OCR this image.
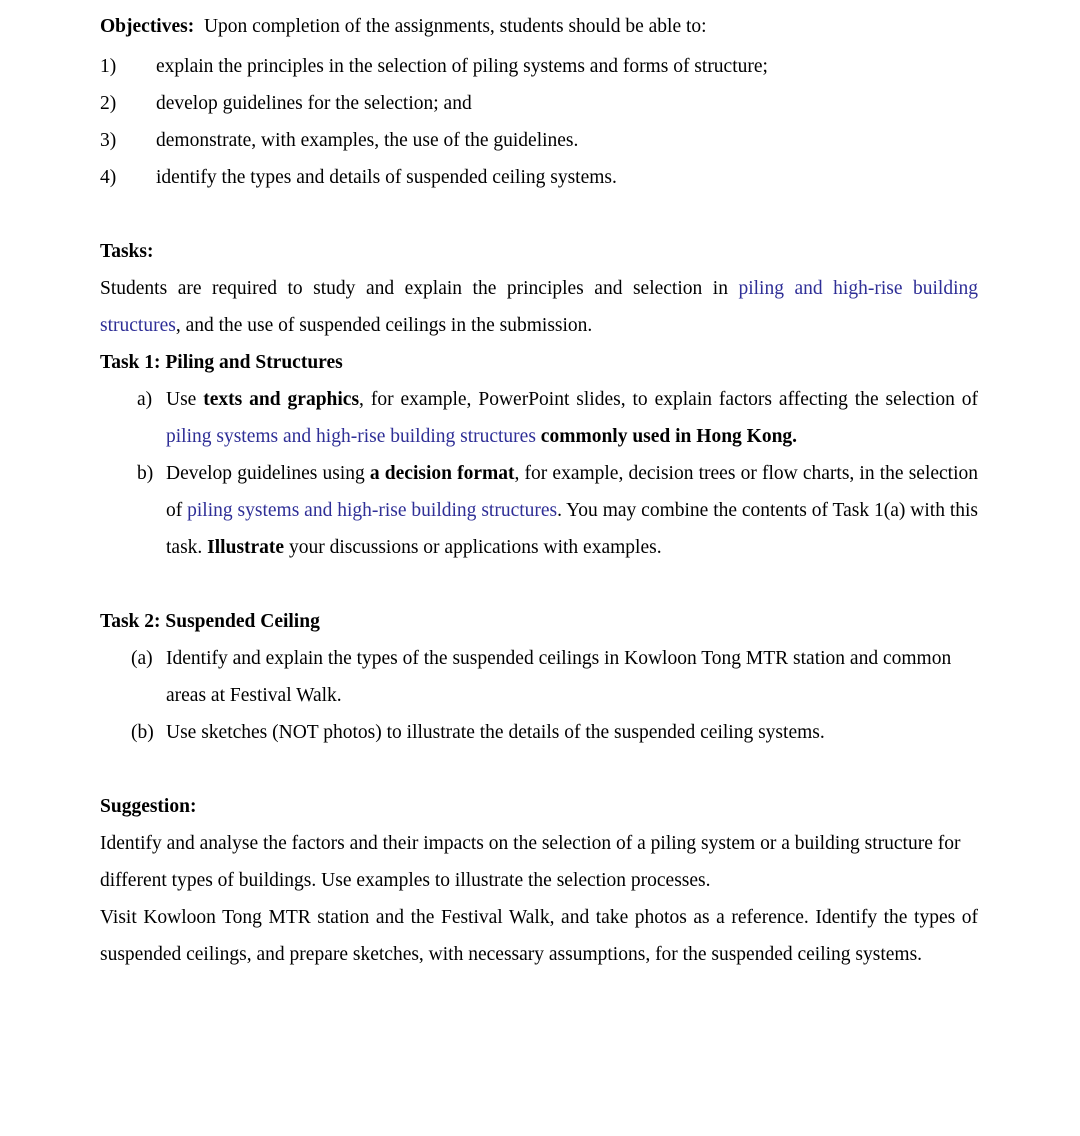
Objectives: Upon completion of the assignments, students should be able to:

1)	explain the principles in the selection of piling systems and forms of structure;
2)	develop guidelines for the selection; and
3)	demonstrate, with examples, the use of the guidelines.
4)	identify the types and details of suspended ceiling systems.

Tasks:

Students are required to study and explain the principles and selection in piling and high-rise building structures, and the use of suspended ceilings in the submission.

Task 1: Piling and Structures

a) Use texts and graphics, for example, PowerPoint slides, to explain factors affecting the selection of piling systems and high-rise building structures commonly used in Hong Kong.
b) Develop guidelines using a decision format, for example, decision trees or flow charts, in the selection of piling systems and high-rise building structures. You may combine the contents of Task 1(a) with this task. Illustrate your discussions or applications with examples.

Task 2: Suspended Ceiling

(a) Identify and explain the types of the suspended ceilings in Kowloon Tong MTR station and common areas at Festival Walk.
(b) Use sketches (NOT photos) to illustrate the details of the suspended ceiling systems.

Suggestion:

Identify and analyse the factors and their impacts on the selection of a piling system or a building structure for different types of buildings. Use examples to illustrate the selection processes.

Visit Kowloon Tong MTR station and the Festival Walk, and take photos as a reference. Identify the types of suspended ceilings, and prepare sketches, with necessary assumptions, for the suspended ceiling systems.
